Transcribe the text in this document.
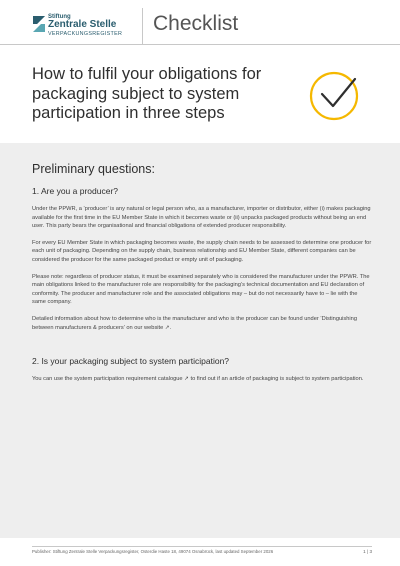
Stiftung
Zentrale Stelle
VERPACKUNGSREGISTER Checklist
How to fulfil your obligations for packaging subject to system participation in three steps
Preliminary questions:
1. Are you a producer?

Under the PPWR, a ‘producer’ is any natural or legal person who, as a manufacturer, importer or distributor, either (i) makes packaging available for the first time in the EU Member State in which it becomes waste or (ii) unpacks packaged products without being an end user. This party bears the organisational and financial obligations of extended producer responsibility.

For every EU Member State in which packaging becomes waste, the supply chain needs to be assessed to determine one producer for each unit of packaging. Depending on the supply chain, business relationship and EU Member State, different companies can be considered the producer for the same packaged product or empty unit of packaging.

Please note: regardless of producer status, it must be examined separately who is considered the manufacturer under the PPWR. The main obligations linked to the manufacturer role are responsibility for the packaging’s technical documentation and EU declaration of conformity. The producer and manufacturer role and the associated obligations may – but do not necessarily have to – lie with the same company.

Detailed information about how to determine who is the manufacturer and who is the producer can be found under ‘Distinguishing between manufacturers & producers’ on our website ↗.

2. Is your packaging subject to system participation?

You can use the system participation requirement catalogue ↗ to find out if an article of packaging is subject to system participation.

Publisher: Stiftung Zentrale Stelle Verpackungsregister, Osterdie Haste 18, 49074 Osnabrück, last updated September 2026	1 | 3
